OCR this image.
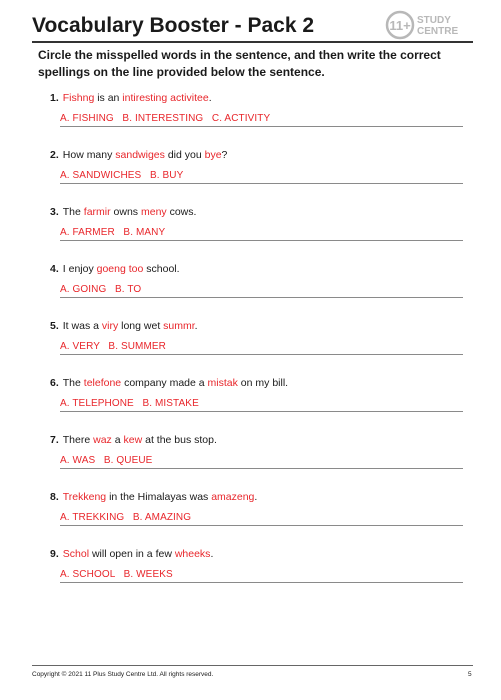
Vocabulary Booster - Pack 2	11+ STUDY
CENTRE
Circle the misspelled words in the sentence, and then write the correct spellings on the line provided below the sentence.
1. Fishng is an intiresting activitee.
A. FISHING   B. INTERESTING   C. ACTIVITY
2. How many sandwiges did you bye?
A. SANDWICHES   B. BUY
3. The farmir owns meny cows.
A. FARMER   B. MANY
4. I enjoy goeng too school.
A. GOING   B. TO
5. It was a viry long wet summr.
A. VERY   B. SUMMER
6. The telefone company made a mistak on my bill.
A. TELEPHONE   B. MISTAKE
7. There waz a kew at the bus stop.
A. WAS   B. QUEUE
8. Trekkeng in the Himalayas was amazeng.
A. TREKKING   B. AMAZING
9. Schol will open in a few wheeks.
A. SCHOOL   B. WEEKS
Copyright © 2021 11 Plus Study Centre Ltd. All rights reserved.	5
